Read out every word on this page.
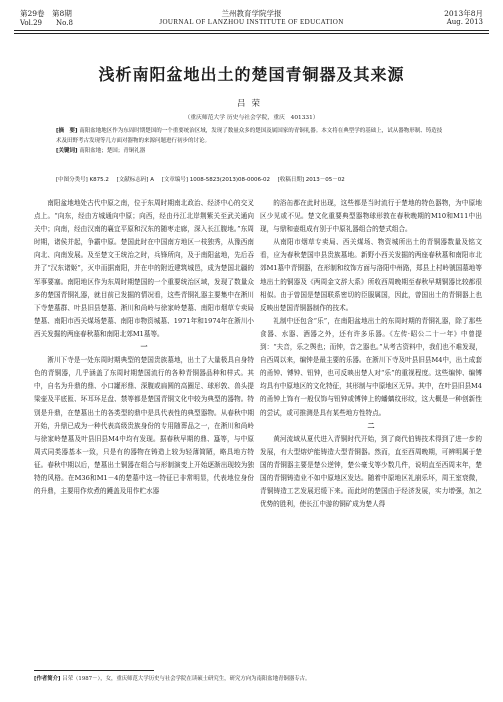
第29卷　第8期
Vol.29　　No.8
兰州教育学院学报
JOURNAL OF LANZHOU INSTITUTE OF EDUCATION
2013年8月
Aug. 2013
浅析南阳盆地出土的楚国青铜器及其来源
吕荣
（重庆师范大学 历史与社会学院，重庆　401331）
[摘　要] 南阳盆地地区作为东周时期楚国的一个重要统治区域，发现了数量众多的楚国及属国家的青铜礼器。本文将在典型学的基础上，试从器物形制、铸造技术及田野考古发现等几方面对器物的来源问题进行初步的讨论。
[关键词] 南阳盆地；楚国；青铜礼器
[中图分类号] K875.2 [文献标志码] A [文章编号] 1008-5823(2013)08-0006-02 [收稿日期] 2013－05－02

南阳盆地地处古代中原之南，位于东周时期南北政治、经济中心的交叉点上。“向东，经由方城通向中原；向西，经由丹江北岸荆紫关至武关通向关中；向南，经由汉南的襄宜平原和汉东的随枣走廊，深入长江腹地。”东周时期，诸侯并起，争霸中原。楚国此时在中国南方地区一枝独秀，从豫西南向北、向南发展。及至楚文王统治之时，兵锋所向，及于南阳盆地，先后吞并了“汉东诸姬”，灭申而据南阳，并在申的附近建筑城邑，成为楚国北疆的军事要塞。南阳地区作为东周时期楚国的一个重要统治区域，发现了数量众多的楚国青铜礼器，就目前已发掘的情况看，这些青铜礼器主要集中在淅川下寺楚墓群、叶县旧县楚墓、淅川和尚岭与徐家岭楚墓、南阳市烟草专卖局楚墓、南阳市西关煤场楚墓、南阳市物资城墓、1971年和1974年在淅川小西关发掘的两座春秋墓和南阳北郊M1墓等。

一

淅川下寺是一处东周时期典型的楚国贵族墓地，出土了大量极具自身特色的青铜器，几乎涵盖了东周时期楚国流行的各种青铜器品种和样式。其中，自名为升鼎的鼎、小口罐形鼎、深腹或扁圆的高圈足、球形敦、兽头提梁壶及平底匜、环耳环足盘、禁等都是楚国青铜文化中较为典型的器物。特别是升鼎，在楚墓出土的各类型的鼎中是具代表性的典型器物。从春秋中期开始，升鼎已成为一种代表高级贵族身份的专用随葬品之一，在淅川和尚岭与徐家岭楚墓及叶县旧县M4中均有发现。据春秋早期的鼎、簋等，与中原周式同类器基本一致，只是有的器物在铸造上较为轻薄简陋，略具地方特征。春秋中期以后，楚墓出土铜器在组合与形制演变上开始逐渐出现较为独特的风格。在M36和M1－4的楚墓中这一特征已非常明显，代表地位身份的升鼎，主要用作炊煮的鑊盖及用作贮水器

的浴缶都在此时出现，这些都是当时流行于楚地的特色器物，为中原地区少见或不见。楚文化重要典型器物球形敦在春秋晚期的M10和M11中出现，与鼎和壶组成有别于中原礼器组合的楚式组合。

从南阳市烟草专卖局、西关煤场、物资城所出土的青铜器数量及铭文看，应为春秋楚国申县贵族墓地。新野小西关发掘的两座春秋墓和南阳市北郊M1墓中青铜器，在形制和纹饰方面与洛阳中州路，郑县上村岭虢国墓地等地出土的铜器及《两周金文辞大系》所收西周晚期至春秋早期铜器比较都很相似。由于曾国是楚国联系密切的臣服属国，因此，曾国出土的青铜器上也反映出楚国青铜器制作的技术。

礼制中还包含“乐”，在南阳盆地出土的东周时期的青铜礼器，除了那些食器、水器、酒器之外，还有许多乐器。《左传·昭公二十一年》中曾提到：“夫音，乐之舆也；而钟，音之器也。”从考古资料中，我们也不难发现，自西周以来，编钟是最主要的乐器。在淅川下寺及叶县旧县M4中，出土成套的甬钟、镈钟、钮钟，也可反映出楚人对“乐”的重视程度。这些编钟、编镈均具有中原地区的文化特征，其形制与中原地区无异。其中，在叶县旧县M4的甬钟上饰有一般仅饰与钮钟或镈钟上的蟠螭纹形纹，这大概是一种创新性的尝试，或可推测是具有某些地方性特点。

二

黄河流域从夏代进入青铜时代开始，到了商代伯铸技术得到了进一步的发展，有大型熔炉能铸造大型青铜器。然而，直至西周晚期，可辨明属于楚国的青铜器主要是楚公逆钟，楚公豪戈等少数几件，说明直至西周末年，楚国的青铜铸造业不如中原地区发达。随着中原地区礼崩乐坏，周王室衰微，青铜铸造工艺发展迟缓下来。而此时的楚国由于经济发展，实力增强，加之优势的胜利，使长江中游的铜矿成为楚人得

[作者简介] 吕荣（1987－），女，重庆师范大学历史与社会学院在读硕士研究生，研究方向为南阳盆地青铜器专古。
